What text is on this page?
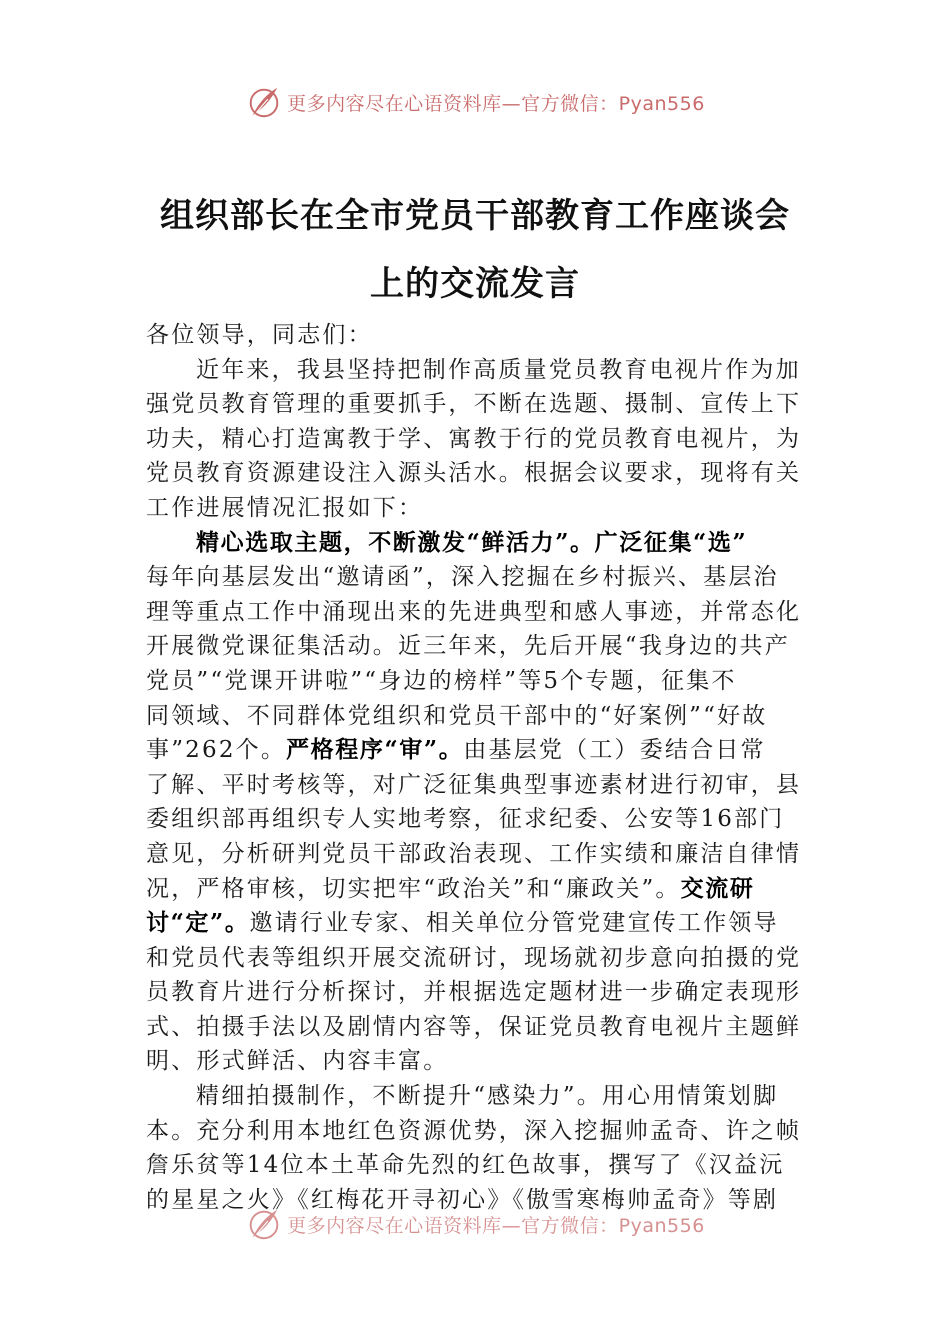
更多内容尽在心语资料库—官方微信：Pyan556
组织部长在全市党员干部教育工作座谈会
上的交流发言
各位领导，同志们：
近年来，我县坚持把制作高质量党员教育电视片作为加
强党员教育管理的重要抓手，不断在选题、摄制、宣传上下
功夫，精心打造寓教于学、寓教于行的党员教育电视片，为
党员教育资源建设注入源头活水。根据会议要求，现将有关
工作进展情况汇报如下：
精心选取主题，不断激发“鲜活力”。广泛征集“选”
每年向基层发出“邀请函”，深入挖掘在乡村振兴、基层治
理等重点工作中涌现出来的先进典型和感人事迹，并常态化
开展微党课征集活动。近三年来，先后开展“我身边的共产
党员”“党课开讲啦”“身边的榜样”等5个专题，征集不
同领域、不同群体党组织和党员干部中的“好案例”“好故
事”262个。严格程序“审”。由基层党（工）委结合日常
了解、平时考核等，对广泛征集典型事迹素材进行初审，县
委组织部再组织专人实地考察，征求纪委、公安等16部门
意见，分析研判党员干部政治表现、工作实绩和廉洁自律情
况，严格审核，切实把牢“政治关”和“廉政关”。交流研
讨“定”。邀请行业专家、相关单位分管党建宣传工作领导
和党员代表等组织开展交流研讨，现场就初步意向拍摄的党
员教育片进行分析探讨，并根据选定题材进一步确定表现形
式、拍摄手法以及剧情内容等，保证党员教育电视片主题鲜
明、形式鲜活、内容丰富。
精细拍摄制作，不断提升“感染力”。用心用情策划脚
本。充分利用本地红色资源优势，深入挖掘帅孟奇、许之帧
詹乐贫等14位本土革命先烈的红色故事，撰写了《汉益沅
的星星之火》《红梅花开寻初心》《傲雪寒梅帅孟奇》等剧
更多内容尽在心语资料库—官方微信：Pyan556
